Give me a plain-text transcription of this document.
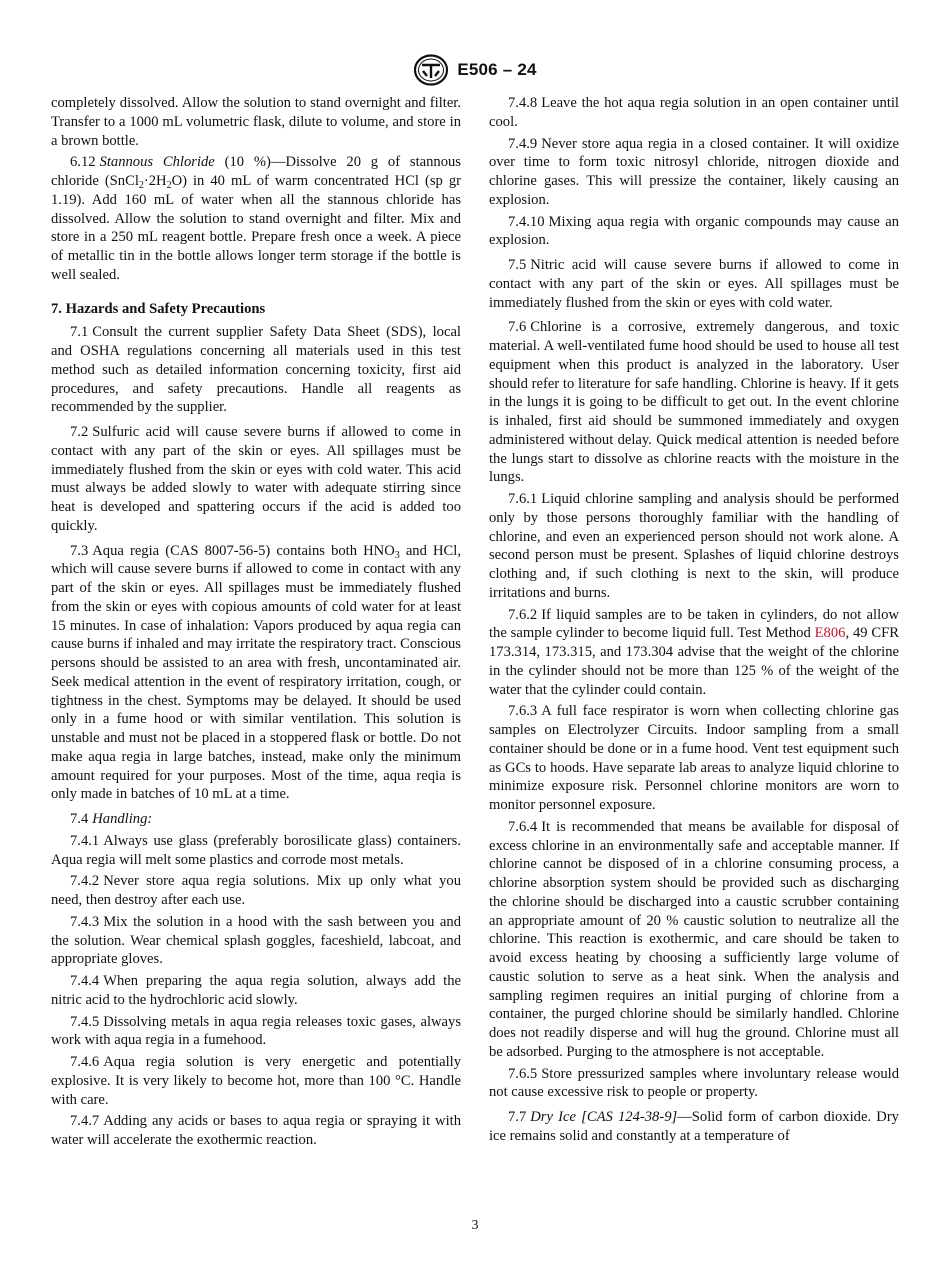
E506 – 24

completely dissolved. Allow the solution to stand overnight and filter. Transfer to a 1000 mL volumetric flask, dilute to volume, and store in a brown bottle.

6.12 Stannous Chloride (10 %)—Dissolve 20 g of stannous chloride $(SnCl_2\cdot 2H_2O)$ in 40 mL of warm concentrated HCl (sp gr 1.19). Add 160 mL of water when all the stannous chloride has dissolved. Allow the solution to stand overnight and filter. Mix and store in a 250 mL reagent bottle. Prepare fresh once a week. A piece of metallic tin in the bottle allows longer term storage if the bottle is well sealed.

7. Hazards and Safety Precautions

7.1 Consult the current supplier Safety Data Sheet (SDS), local and OSHA regulations concerning all materials used in this test method such as detailed information concerning toxicity, first aid procedures, and safety precautions. Handle all reagents as recommended by the supplier.

7.2 Sulfuric acid will cause severe burns if allowed to come in contact with any part of the skin or eyes. All spillages must be immediately flushed from the skin or eyes with cold water. This acid must always be added slowly to water with adequate stirring since heat is developed and spattering occurs if the acid is added too quickly.

7.3 Aqua regia (CAS 8007-56-5) contains both $HNO_3$ and HCl, which will cause severe burns if allowed to come in contact with any part of the skin or eyes. All spillages must be immediately flushed from the skin or eyes with copious amounts of cold water for at least 15 minutes. In case of inhalation: Vapors produced by aqua regia can cause burns if inhaled and may irritate the respiratory tract. Conscious persons should be assisted to an area with fresh, uncontaminated air. Seek medical attention in the event of respiratory irritation, cough, or tightness in the chest. Symptoms may be delayed. It should be used only in a fume hood or with similar ventilation. This solution is unstable and must not be placed in a stoppered flask or bottle. Do not make aqua regia in large batches, instead, make only the minimum amount required for your purposes. Most of the time, aqua reqia is only made in batches of 10 mL at a time.

7.4 Handling:

7.4.1 Always use glass (preferably borosilicate glass) containers. Aqua regia will melt some plastics and corrode most metals.

7.4.2 Never store aqua regia solutions. Mix up only what you need, then destroy after each use.

7.4.3 Mix the solution in a hood with the sash between you and the solution. Wear chemical splash goggles, faceshield, labcoat, and appropriate gloves.

7.4.4 When preparing the aqua regia solution, always add the nitric acid to the hydrochloric acid slowly.

7.4.5 Dissolving metals in aqua regia releases toxic gases, always work with aqua regia in a fumehood.

7.4.6 Aqua regia solution is very energetic and potentially explosive. It is very likely to become hot, more than 100 °C. Handle with care.

7.4.7 Adding any acids or bases to aqua regia or spraying it with water will accelerate the exothermic reaction.

7.4.8 Leave the hot aqua regia solution in an open container until cool.

7.4.9 Never store aqua regia in a closed container. It will oxidize over time to form toxic nitrosyl chloride, nitrogen dioxide and chlorine gases. This will pressize the container, likely causing an explosion.

7.4.10 Mixing aqua regia with organic compounds may cause an explosion.

7.5 Nitric acid will cause severe burns if allowed to come in contact with any part of the skin or eyes. All spillages must be immediately flushed from the skin or eyes with cold water.

7.6 Chlorine is a corrosive, extremely dangerous, and toxic material. A well-ventilated fume hood should be used to house all test equipment when this product is analyzed in the laboratory. User should refer to literature for safe handling. Chlorine is heavy. If it gets in the lungs it is going to be difficult to get out. In the event chlorine is inhaled, first aid should be summoned immediately and oxygen administered without delay. Quick medical attention is needed before the lungs start to dissolve as chlorine reacts with the moisture in the lungs.

7.6.1 Liquid chlorine sampling and analysis should be performed only by those persons thoroughly familiar with the handling of chlorine, and even an experienced person should not work alone. A second person must be present. Splashes of liquid chlorine destroys clothing and, if such clothing is next to the skin, will produce irritations and burns.

7.6.2 If liquid samples are to be taken in cylinders, do not allow the sample cylinder to become liquid full. Test Method E806, 49 CFR 173.314, 173.315, and 173.304 advise that the weight of the chlorine in the cylinder should not be more than 125 % of the weight of the water that the cylinder could contain.

7.6.3 A full face respirator is worn when collecting chlorine gas samples on Electrolyzer Circuits. Indoor sampling from a small container should be done or in a fume hood. Vent test equipment such as GCs to hoods. Have separate lab areas to analyze liquid chlorine to minimize exposure risk. Personnel chlorine monitors are worn to monitor personnel exposure.

7.6.4 It is recommended that means be available for disposal of excess chlorine in an environmentally safe and acceptable manner. If chlorine cannot be disposed of in a chlorine consuming process, a chlorine absorption system should be provided such as discharging the chlorine should be discharged into a caustic scrubber containing an appropriate amount of 20 % caustic solution to neutralize all the chlorine. This reaction is exothermic, and care should be taken to avoid excess heating by choosing a sufficiently large volume of caustic solution to serve as a heat sink. When the analysis and sampling regimen requires an initial purging of chlorine from a container, the purged chlorine should be similarly handled. Chlorine does not readily disperse and will hug the ground. Chlorine must all be adsorbed. Purging to the atmosphere is not acceptable.

7.6.5 Store pressurized samples where involuntary release would not cause excessive risk to people or property.

7.7 Dry Ice [CAS 124-38-9]—Solid form of carbon dioxide. Dry ice remains solid and constantly at a temperature of

3
